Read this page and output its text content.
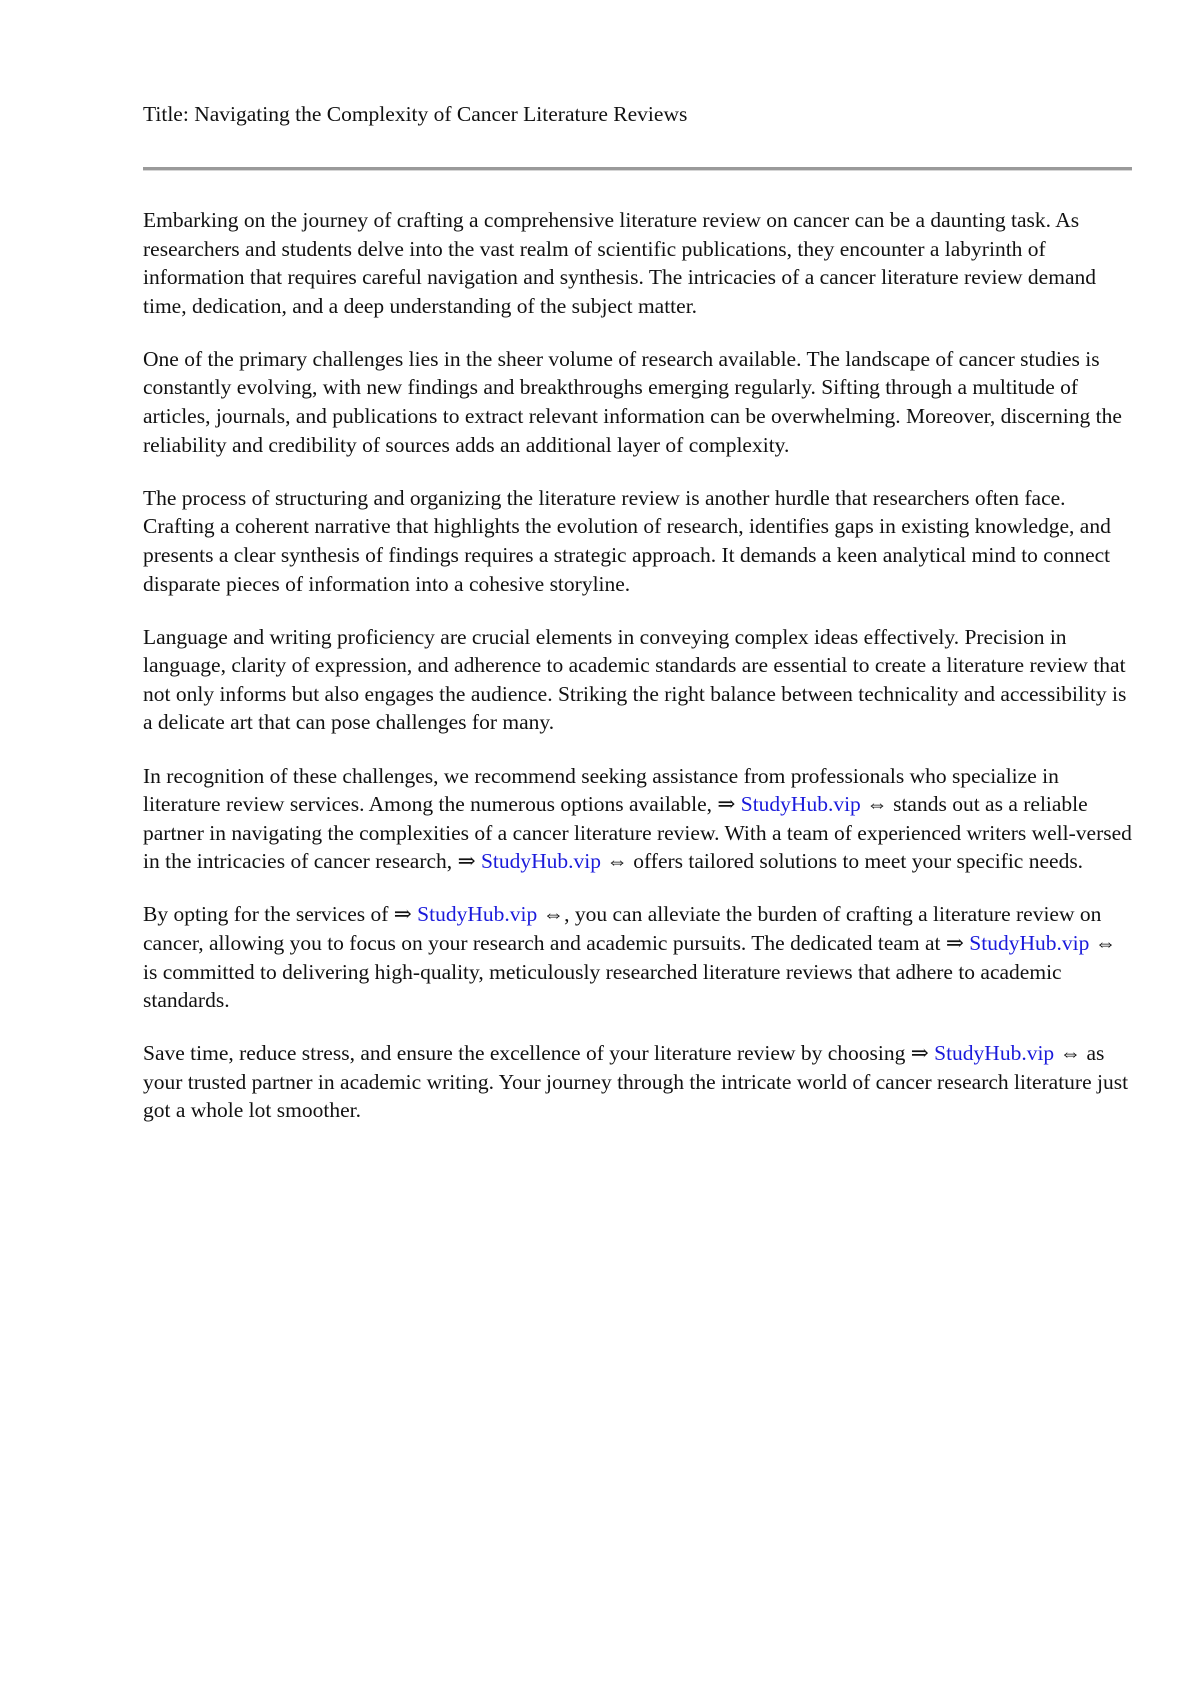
Title: Navigating the Complexity of Cancer Literature Reviews

Embarking on the journey of crafting a comprehensive literature review on cancer can be a daunting task. As researchers and students delve into the vast realm of scientific publications, they encounter a labyrinth of information that requires careful navigation and synthesis. The intricacies of a cancer literature review demand time, dedication, and a deep understanding of the subject matter.

One of the primary challenges lies in the sheer volume of research available. The landscape of cancer studies is constantly evolving, with new findings and breakthroughs emerging regularly. Sifting through a multitude of articles, journals, and publications to extract relevant information can be overwhelming. Moreover, discerning the reliability and credibility of sources adds an additional layer of complexity.

The process of structuring and organizing the literature review is another hurdle that researchers often face. Crafting a coherent narrative that highlights the evolution of research, identifies gaps in existing knowledge, and presents a clear synthesis of findings requires a strategic approach. It demands a keen analytical mind to connect disparate pieces of information into a cohesive storyline.

Language and writing proficiency are crucial elements in conveying complex ideas effectively. Precision in language, clarity of expression, and adherence to academic standards are essential to create a literature review that not only informs but also engages the audience. Striking the right balance between technicality and accessibility is a delicate art that can pose challenges for many.

In recognition of these challenges, we recommend seeking assistance from professionals who specialize in literature review services. Among the numerous options available, ⇒ StudyHub.vip ⇔ stands out as a reliable partner in navigating the complexities of a cancer literature review. With a team of experienced writers well-versed in the intricacies of cancer research, ⇒ StudyHub.vip ⇔ offers tailored solutions to meet your specific needs.

By opting for the services of ⇒ StudyHub.vip ⇔, you can alleviate the burden of crafting a literature review on cancer, allowing you to focus on your research and academic pursuits. The dedicated team at ⇒ StudyHub.vip ⇔ is committed to delivering high-quality, meticulously researched literature reviews that adhere to academic standards.

Save time, reduce stress, and ensure the excellence of your literature review by choosing ⇒ StudyHub.vip ⇔ as your trusted partner in academic writing. Your journey through the intricate world of cancer research literature just got a whole lot smoother.
